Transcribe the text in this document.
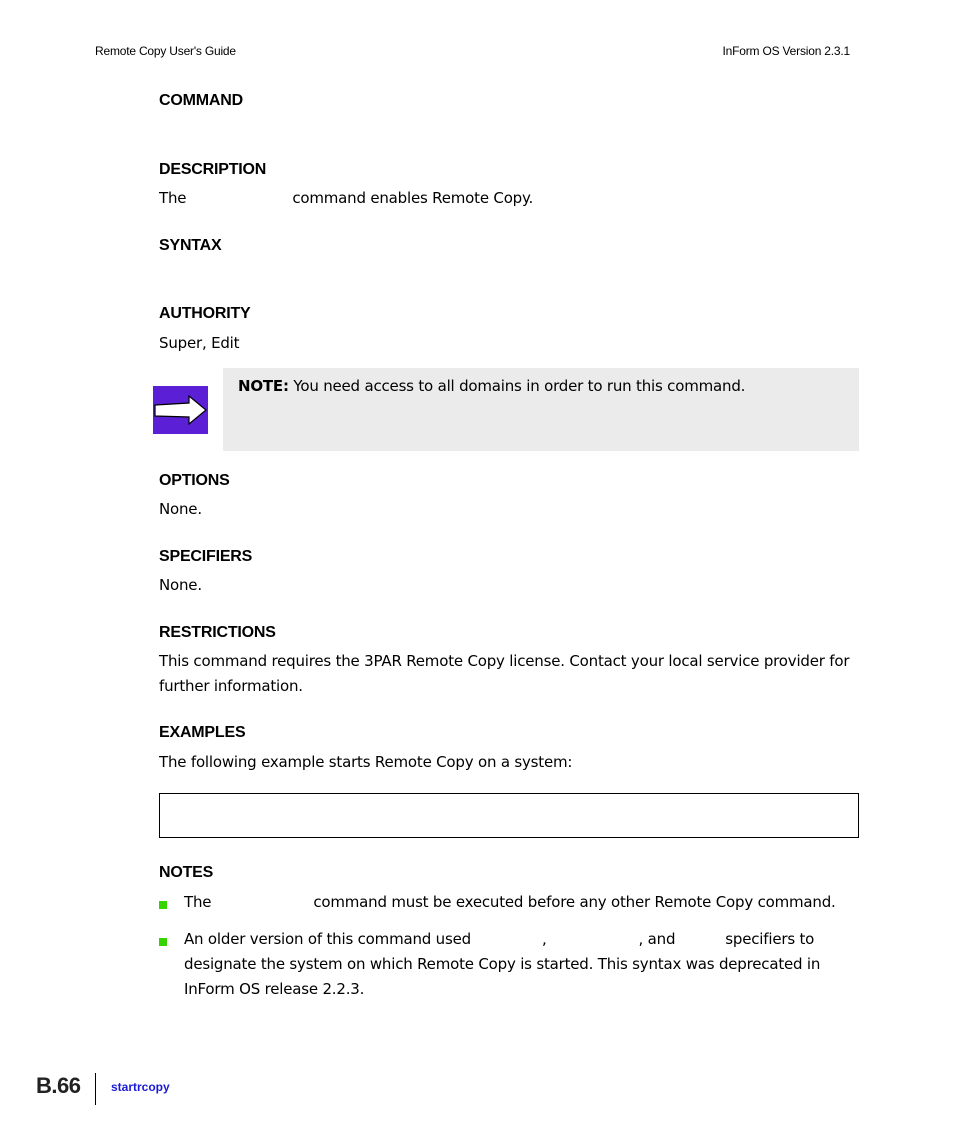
Remote Copy User's Guide	InForm OS Version 2.3.1
COMMAND
DESCRIPTION
The	command enables Remote Copy.
SYNTAX
AUTHORITY
Super, Edit
NOTE: You need access to all domains in order to run this command.
OPTIONS
None.
SPECIFIERS
None.
RESTRICTIONS
This command requires the 3PAR Remote Copy license. Contact your local service provider for further information.
EXAMPLES
The following example starts Remote Copy on a system:
NOTES
The	command must be executed before any other Remote Copy command.
An older version of this command used	,	, and	specifiers to designate the system on which Remote Copy is started. This syntax was deprecated in InForm OS release 2.2.3.
B.66	startrcopy
